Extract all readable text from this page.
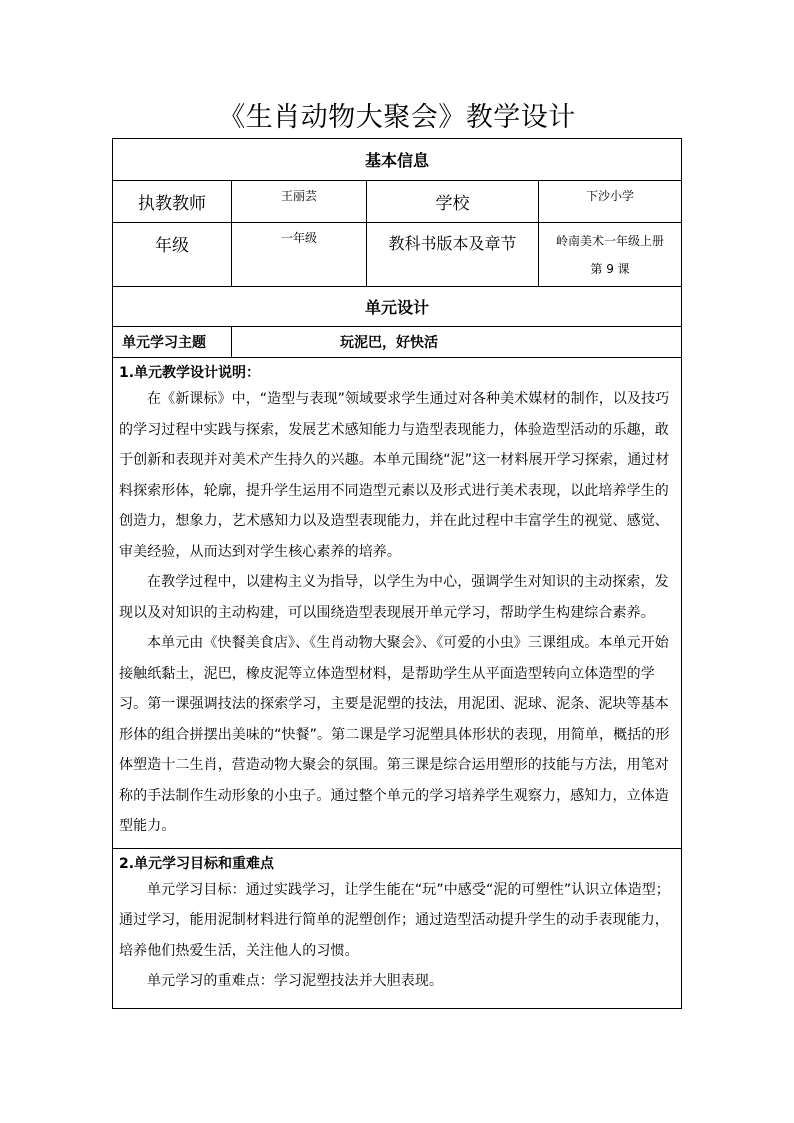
《生肖动物大聚会》教学设计
基本信息			
执教教师	王丽芸	学校	下沙小学
年级	一年级	教科书版本及章节	岭南美术一年级上册
第 9 课

单元设计			
单元学习主题	玩泥巴，好快活		

1.单元教学设计说明：

在《新课标》中，“造型与表现”领域要求学生通过对各种美术媒材的制作，以及技巧的学习过程中实践与探索，发展艺术感知能力与造型表现能力，体验造型活动的乐趣，敢于创新和表现并对美术产生持久的兴趣。本单元围绕“泥”这一材料展开学习探索，通过材料探索形体，轮廓，提升学生运用不同造型元素以及形式进行美术表现，以此培养学生的创造力，想象力，艺术感知力以及造型表现能力，并在此过程中丰富学生的视觉、感觉、审美经验，从而达到对学生核心素养的培养。

在教学过程中，以建构主义为指导，以学生为中心，强调学生对知识的主动探索，发现以及对知识的主动构建，可以围绕造型表现展开单元学习，帮助学生构建综合素养。

本单元由《快餐美食店》、《生肖动物大聚会》、《可爱的小虫》三课组成。本单元开始接触纸黏土，泥巴，橡皮泥等立体造型材料，是帮助学生从平面造型转向立体造型的学习。第一课强调技法的探索学习，主要是泥塑的技法，用泥团、泥球、泥条、泥块等基本形体的组合拼摆出美味的“快餐”。第二课是学习泥塑具体形状的表现，用简单，概括的形体塑造十二生肖，营造动物大聚会的氛围。第三课是综合运用塑形的技能与方法，用笔对称的手法制作生动形象的小虫子。通过整个单元的学习培养学生观察力，感知力，立体造型能力。			

2.单元学习目标和重难点

单元学习目标：通过实践学习，让学生能在“玩”中感受“泥的可塑性”认识立体造型；通过学习，能用泥制材料进行简单的泥塑创作；通过造型活动提升学生的动手表现能力，培养他们热爱生活，关注他人的习惯。

单元学习的重难点：学习泥塑技法并大胆表现。			
